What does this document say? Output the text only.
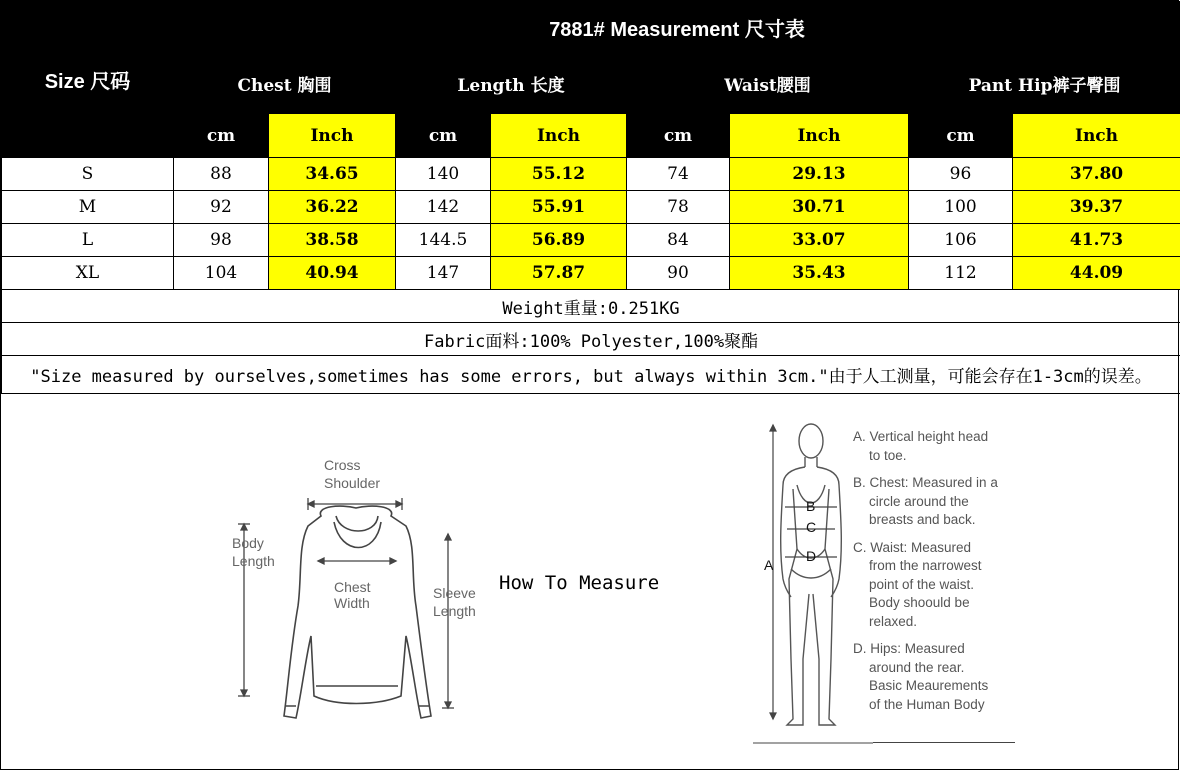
Size 尺码	7881# Measurement 尺寸表							
	Chest 胸围		Length 长度		Waist腰围		Pant Hip裤子臀围	
	cm	Inch	cm	Inch	cm	Inch	cm	Inch
S	88	34.65	140	55.12	74	29.13	96	37.80
M	92	36.22	142	55.91	78	30.71	100	39.37
L	98	38.58	144.5	56.89	84	33.07	106	41.73
XL	104	40.94	147	57.87	90	35.43	112	44.09
Weight重量:0.251KG								
Fabric面料:100% Polyester,100%聚酯								
"Size measured by ourselves,sometimes has some errors, but always within 3cm."由于人工测量，可能会存在1-3cm的误差。								
Cross
Shoulder
Body
Length
Chest
Width
Sleeve
Length
How To Measure
A
B
C
D
A. Vertical height head
to toe.
B. Chest: Measured in a
circle around the
breasts and back.
C. Waist: Measured
from the narrowest
point of the waist.
Body shoould be
relaxed.
D. Hips: Measured
around the rear.
Basic Meaurements
of the Human Body
